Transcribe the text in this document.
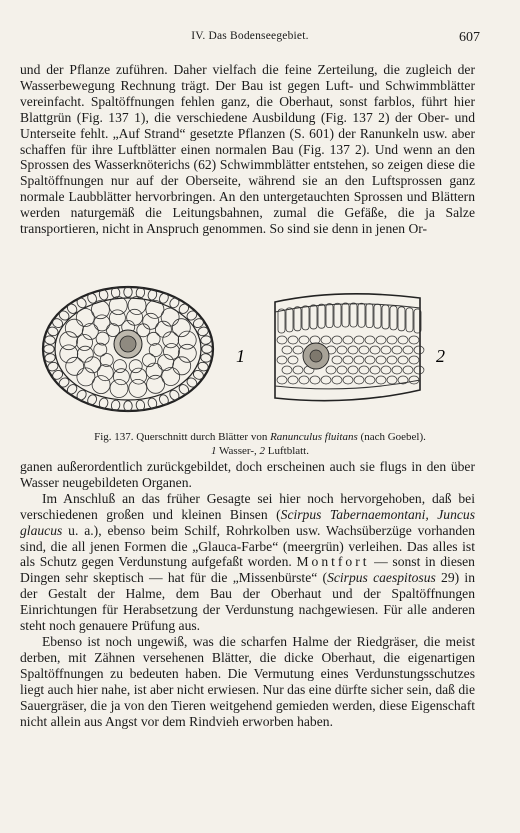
IV. Das Bodenseegebiet.	607

und der Pflanze zuführen. Daher vielfach die feine Zerteilung, die zugleich der Wasserbewegung Rechnung trägt. Der Bau ist gegen Luft- und Schwimmblätter vereinfacht. Spaltöffnungen fehlen ganz, die Oberhaut, sonst farblos, führt hier Blattgrün (Fig. 137 1), die verschiedene Ausbildung (Fig. 137 2) der Ober- und Unterseite fehlt. „Auf Strand“ gesetzte Pflanzen (S. 601) der Ranunkeln usw. aber schaffen für ihre Luftblätter einen normalen Bau (Fig. 137 2). Und wenn an den Sprossen des Wasserknöterichs (62) Schwimmblätter entstehen, so zeigen diese die Spaltöffnungen nur auf der Oberseite, während sie an den Luftsprossen ganz normale Laubblätter hervorbringen. An den untergetauchten Sprossen und Blättern werden naturgemäß die Leitungsbahnen, zumal die Gefäße, die ja Salze transportieren, nicht in Anspruch genommen. So sind sie denn in jenen Or-

1	2

Fig. 137. Querschnitt durch Blätter von Ranunculus fluitans (nach Goebel).

1 Wasser-, 2 Luftblatt.

ganen außerordentlich zurückgebildet, doch erscheinen auch sie flugs in den über Wasser neugebildeten Organen.

Im Anschluß an das früher Gesagte sei hier noch hervorgehoben, daß bei verschiedenen großen und kleinen Binsen (Scirpus Tabernaemontani, Juncus glaucus u. a.), ebenso beim Schilf, Rohrkolben usw. Wachsüberzüge vorhanden sind, die all jenen Formen die „Glauca-Farbe“ (meergrün) verleihen. Das alles ist als Schutz gegen Verdunstung aufgefaßt worden. Montfort — sonst in diesen Dingen sehr skeptisch — hat für die „Missenbürste“ (Scirpus caespitosus 29) in der Gestalt der Halme, dem Bau der Oberhaut und der Spaltöffnungen Einrichtungen für Herabsetzung der Verdunstung nachgewiesen. Für alle anderen steht noch genauere Prüfung aus.

Ebenso ist noch ungewiß, was die scharfen Halme der Riedgräser, die meist derben, mit Zähnen versehenen Blätter, die dicke Oberhaut, die eigenartigen Spaltöffnungen zu bedeuten haben. Die Vermutung eines Verdunstungsschutzes liegt auch hier nahe, ist aber nicht erwiesen. Nur das eine dürfte sicher sein, daß die Sauergräser, die ja von den Tieren weitgehend gemieden werden, diese Eigenschaft nicht allein aus Angst vor dem Rindvieh erworben haben.
